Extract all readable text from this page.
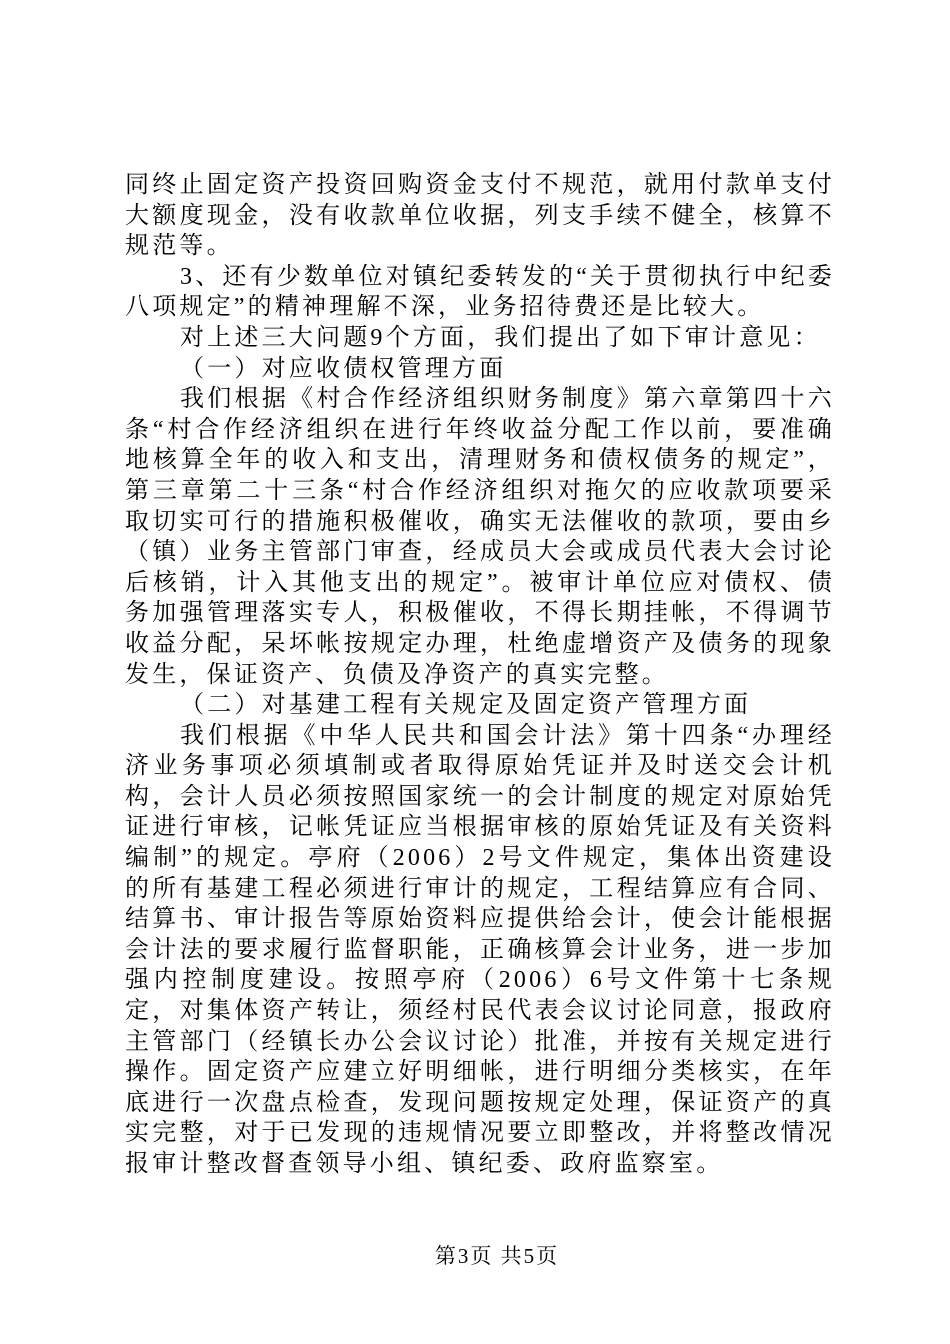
同终止固定资产投资回购资金支付不规范，就用付款单支付大额度现金，没有收款单位收据，列支手续不健全，核算不规范等。

3、还有少数单位对镇纪委转发的“关于贯彻执行中纪委八项规定”的精神理解不深，业务招待费还是比较大。

对上述三大问题9个方面，我们提出了如下审计意见：

（一）对应收债权管理方面

我们根据《村合作经济组织财务制度》第六章第四十六条“村合作经济组织在进行年终收益分配工作以前，要准确地核算全年的收入和支出，清理财务和债权债务的规定”，第三章第二十三条“村合作经济组织对拖欠的应收款项要采取切实可行的措施积极催收，确实无法催收的款项，要由乡（镇）业务主管部门审查，经成员大会或成员代表大会讨论后核销，计入其他支出的规定”。被审计单位应对债权、债务加强管理落实专人，积极催收，不得长期挂帐，不得调节收益分配，呆坏帐按规定办理，杜绝虚增资产及债务的现象发生，保证资产、负债及净资产的真实完整。

（二）对基建工程有关规定及固定资产管理方面

我们根据《中华人民共和国会计法》第十四条“办理经济业务事项必须填制或者取得原始凭证并及时送交会计机构，会计人员必须按照国家统一的会计制度的规定对原始凭证进行审核，记帐凭证应当根据审核的原始凭证及有关资料编制”的规定。亭府（2006）2号文件规定，集体出资建设的所有基建工程必须进行审计的规定，工程结算应有合同、结算书、审计报告等原始资料应提供给会计，使会计能根据会计法的要求履行监督职能，正确核算会计业务，进一步加强内控制度建设。按照亭府（2006）6号文件第十七条规定，对集体资产转让，须经村民代表会议讨论同意，报政府主管部门（经镇长办公会议讨论）批准，并按有关规定进行操作。固定资产应建立好明细帐，进行明细分类核实，在年底进行一次盘点检查，发现问题按规定处理，保证资产的真实完整，对于已发现的违规情况要立即整改，并将整改情况报审计整改督查领导小组、镇纪委、政府监察室。

第3页 共5页
